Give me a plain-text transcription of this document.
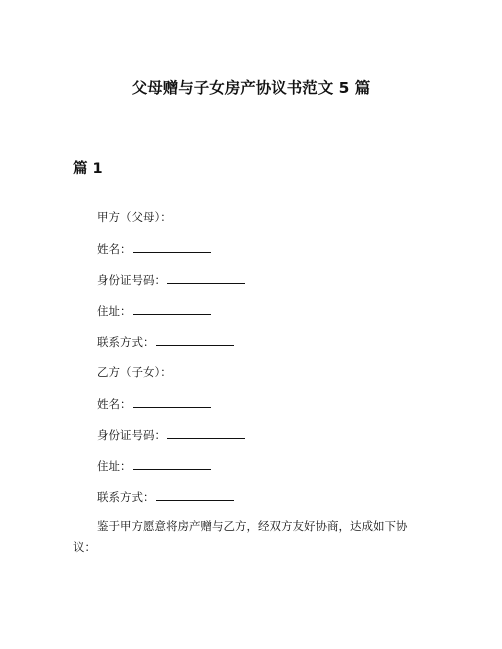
父母赠与子女房产协议书范文 5 篇
篇 1

甲方（父母）：

姓名：

身份证号码：

住址：

联系方式：

乙方（子女）：

姓名：

身份证号码：

住址：

联系方式：

鉴于甲方愿意将房产赠与乙方，经双方友好协商，达成如下协议：
